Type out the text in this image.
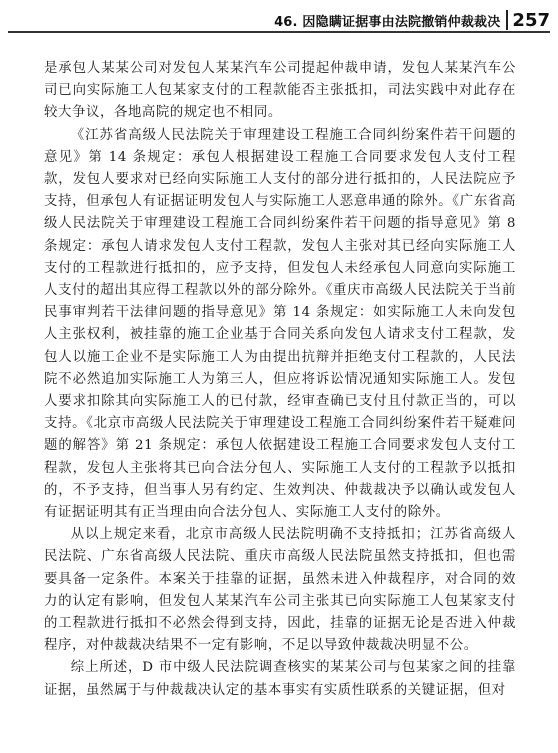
46. 因隐瞒证据事由法院撤销仲裁裁决 257

是承包人某某公司对发包人某某汽车公司提起仲裁申请，发包人某某汽车公司已向实际施工人包某家支付的工程款能否主张抵扣，司法实践中对此存在较大争议，各地高院的规定也不相同。

《江苏省高级人民法院关于审理建设工程施工合同纠纷案件若干问题的意见》第 14 条规定：承包人根据建设工程施工合同要求发包人支付工程款，发包人要求对已经向实际施工人支付的部分进行抵扣的，人民法院应予支持，但承包人有证据证明发包人与实际施工人恶意串通的除外。《广东省高级人民法院关于审理建设工程施工合同纠纷案件若干问题的指导意见》第 8 条规定：承包人请求发包人支付工程款，发包人主张对其已经向实际施工人支付的工程款进行抵扣的，应予支持，但发包人未经承包人同意向实际施工人支付的超出其应得工程款以外的部分除外。《重庆市高级人民法院关于当前民事审判若干法律问题的指导意见》第 14 条规定：如实际施工人未向发包人主张权利，被挂靠的施工企业基于合同关系向发包人请求支付工程款，发包人以施工企业不是实际施工人为由提出抗辩并拒绝支付工程款的，人民法院不必然追加实际施工人为第三人，但应将诉讼情况通知实际施工人。发包人要求扣除其向实际施工人的已付款，经审查确已支付且付款正当的，可以支持。《北京市高级人民法院关于审理建设工程施工合同纠纷案件若干疑难问题的解答》第 21 条规定：承包人依据建设工程施工合同要求发包人支付工程款，发包人主张将其已向合法分包人、实际施工人支付的工程款予以抵扣的，不予支持，但当事人另有约定、生效判决、仲裁裁决予以确认或发包人有证据证明其有正当理由向合法分包人、实际施工人支付的除外。

从以上规定来看，北京市高级人民法院明确不支持抵扣；江苏省高级人民法院、广东省高级人民法院、重庆市高级人民法院虽然支持抵扣，但也需要具备一定条件。本案关于挂靠的证据，虽然未进入仲裁程序，对合同的效力的认定有影响，但发包人某某汽车公司主张其已向实际施工人包某家支付的工程款进行抵扣不必然会得到支持，因此，挂靠的证据无论是否进入仲裁程序，对仲裁裁决结果不一定有影响，不足以导致仲裁裁决明显不公。

综上所述，D 市中级人民法院调查核实的某某公司与包某家之间的挂靠证据，虽然属于与仲裁裁决认定的基本事实有实质性联系的关键证据，但对
